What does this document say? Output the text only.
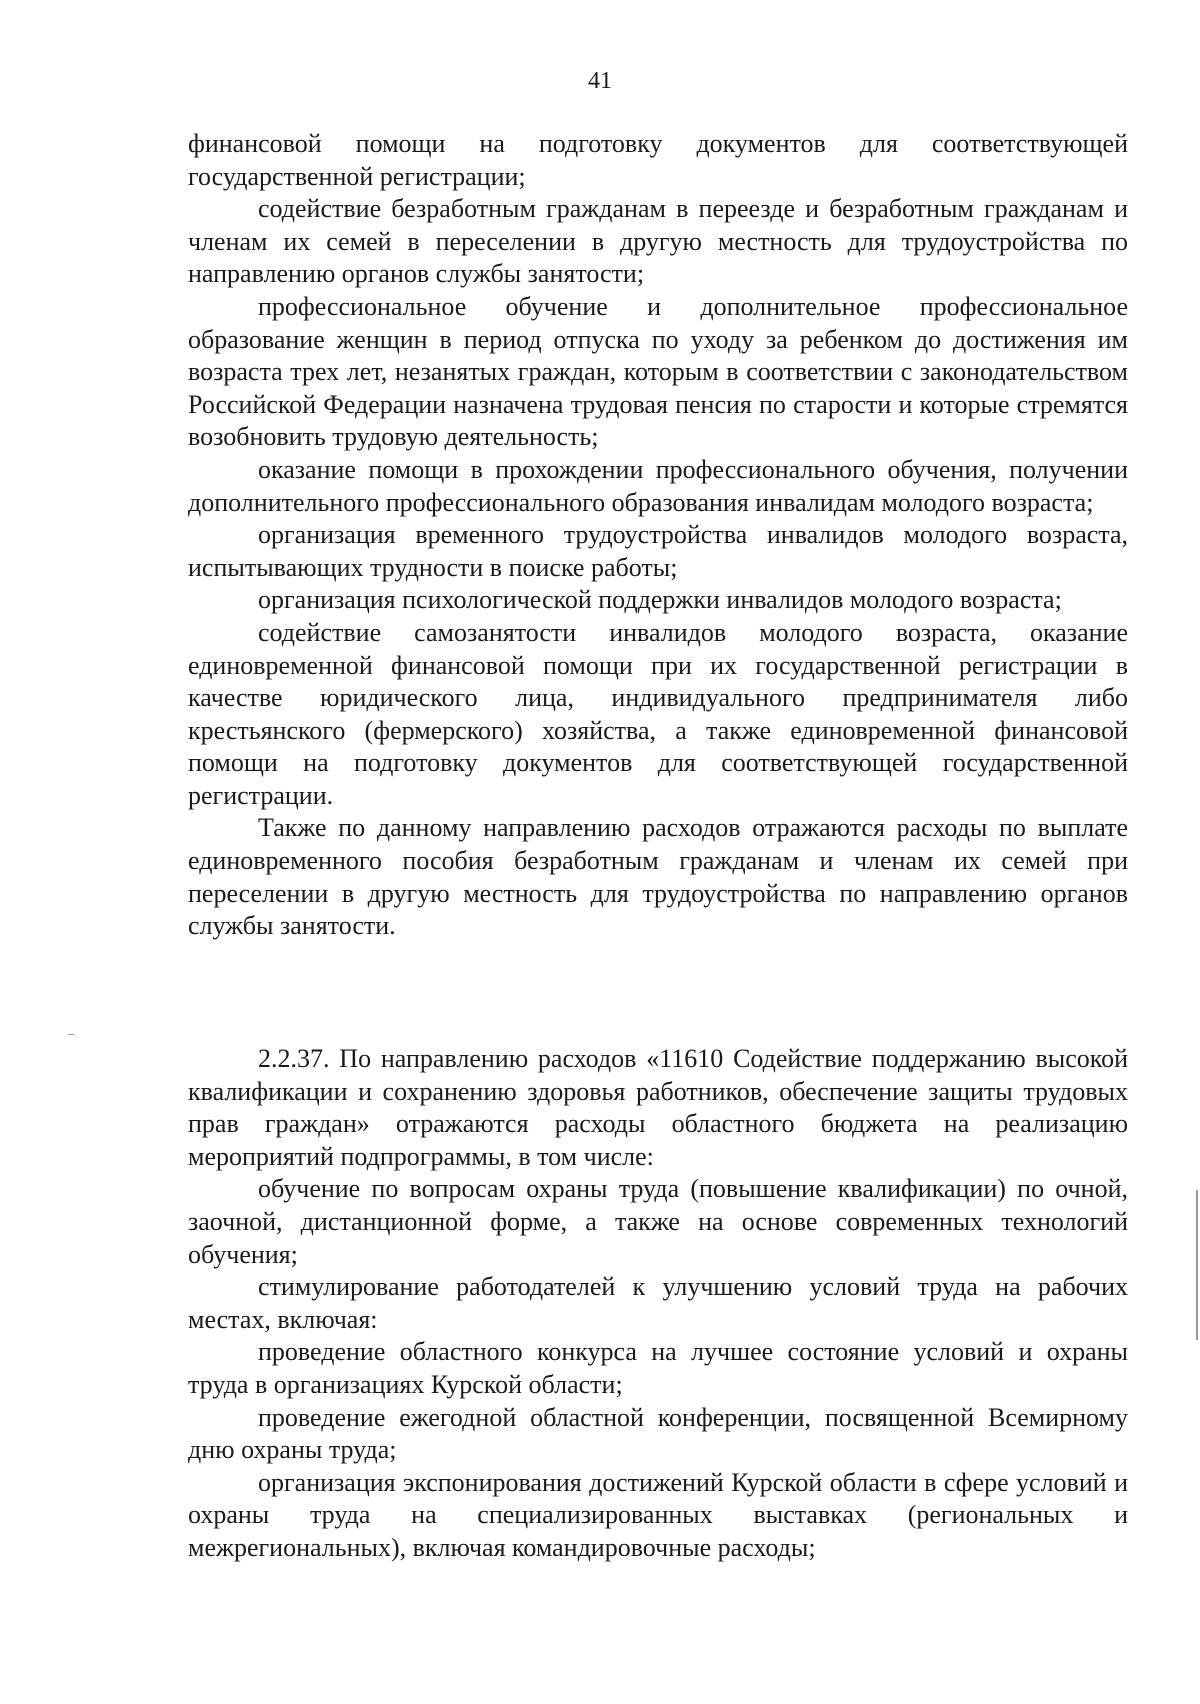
41

финансовой помощи на подготовку документов для соответствующей государственной регистрации;

содействие безработным гражданам в переезде и безработным гражданам и членам их семей в переселении в другую местность для трудоустройства по направлению органов службы занятости;

профессиональное обучение и дополнительное профессиональное образование женщин в период отпуска по уходу за ребенком до достижения им возраста трех лет, незанятых граждан, которым в соответствии с законодательством Российской Федерации назначена трудовая пенсия по старости и которые стремятся возобновить трудовую деятельность;

оказание помощи в прохождении профессионального обучения, получении дополнительного профессионального образования инвалидам молодого возраста;

организация временного трудоустройства инвалидов молодого возраста, испытывающих трудности в поиске работы;

организация психологической поддержки инвалидов молодого возраста;

содействие самозанятости инвалидов молодого возраста, оказание единовременной финансовой помощи при их государственной регистрации в качестве юридического лица, индивидуального предпринимателя либо крестьянского (фермерского) хозяйства, а также единовременной финансовой помощи на подготовку документов для соответствующей государственной регистрации.

Также по данному направлению расходов отражаются расходы по выплате единовременного пособия безработным гражданам и членам их семей при переселении в другую местность для трудоустройства по направлению органов службы занятости.

2.2.37. По направлению расходов «11610 Содействие поддержанию высокой квалификации и сохранению здоровья работников, обеспечение защиты трудовых прав граждан» отражаются расходы областного бюджета на реализацию мероприятий подпрограммы, в том числе:

обучение по вопросам охраны труда (повышение квалификации) по очной, заочной, дистанционной форме, а также на основе современных технологий обучения;

стимулирование работодателей к улучшению условий труда на рабочих местах, включая:

проведение областного конкурса на лучшее состояние условий и охраны труда в организациях Курской области;

проведение ежегодной областной конференции, посвященной Всемирному дню охраны труда;

организация экспонирования достижений Курской области в сфере условий и охраны труда на специализированных выставках (региональных и межрегиональных), включая командировочные расходы;
